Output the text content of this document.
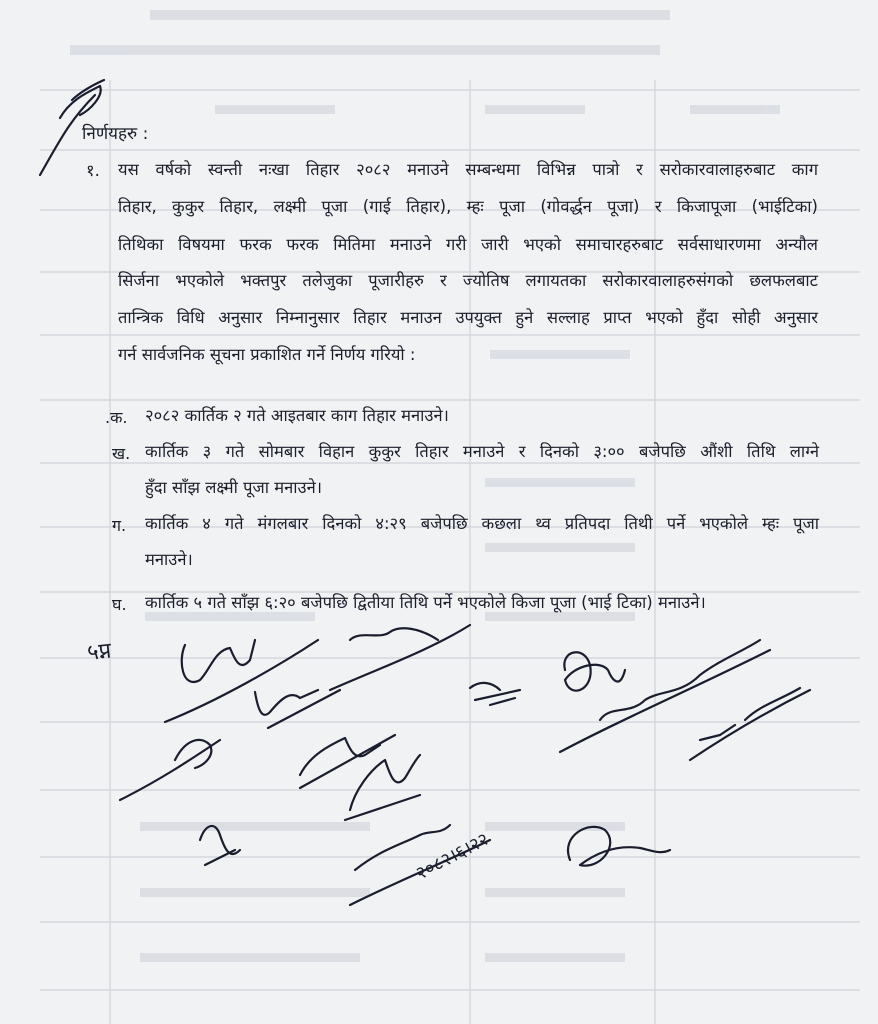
निर्णयहरु :
१. यस वर्षको स्वन्ती नःखा तिहार २०८२ मनाउने सम्बन्धमा विभिन्न पात्रो र सरोकारवालाहरुबाट काग
तिहार, कुकुर तिहार, लक्ष्मी पूजा (गाई तिहार), म्हः पूजा (गोवर्द्धन पूजा) र किजापूजा (भाईटिका)
तिथिका विषयमा फरक फरक मितिमा मनाउने गरी जारी भएको समाचारहरुबाट सर्वसाधारणमा अन्यौल
सिर्जना भएकोले भक्तपुर तलेजुका पूजारीहरु र ज्योतिष लगायतका सरोकारवालाहरुसंगको छलफलबाट
तान्त्रिक विधि अनुसार निम्नानुसार तिहार मनाउन उपयुक्त हुने सल्लाह प्राप्त भएको हुँदा सोही अनुसार
गर्न सार्वजनिक सूचना प्रकाशित गर्ने निर्णय गरियो :
.क. २०८२ कार्तिक २ गते आइतबार काग तिहार मनाउने।
ख. कार्तिक ३ गते सोमबार विहान कुकुर तिहार मनाउने र दिनको ३:०० बजेपछि औंशी तिथि लाग्ने
हुँदा साँझ लक्ष्मी पूजा मनाउने।
ग. कार्तिक ४ गते मंगलबार दिनको ४:२९ बजेपछि कछला थ्व प्रतिपदा तिथी पर्ने भएकोले म्हः पूजा
मनाउने।
घ. कार्तिक ५ गते साँझ ६:२० बजेपछि द्वितीया तिथि पर्ने भएकोले किजा पूजा (भाई टिका) मनाउने।
५प्न
२०८२।६।२२
